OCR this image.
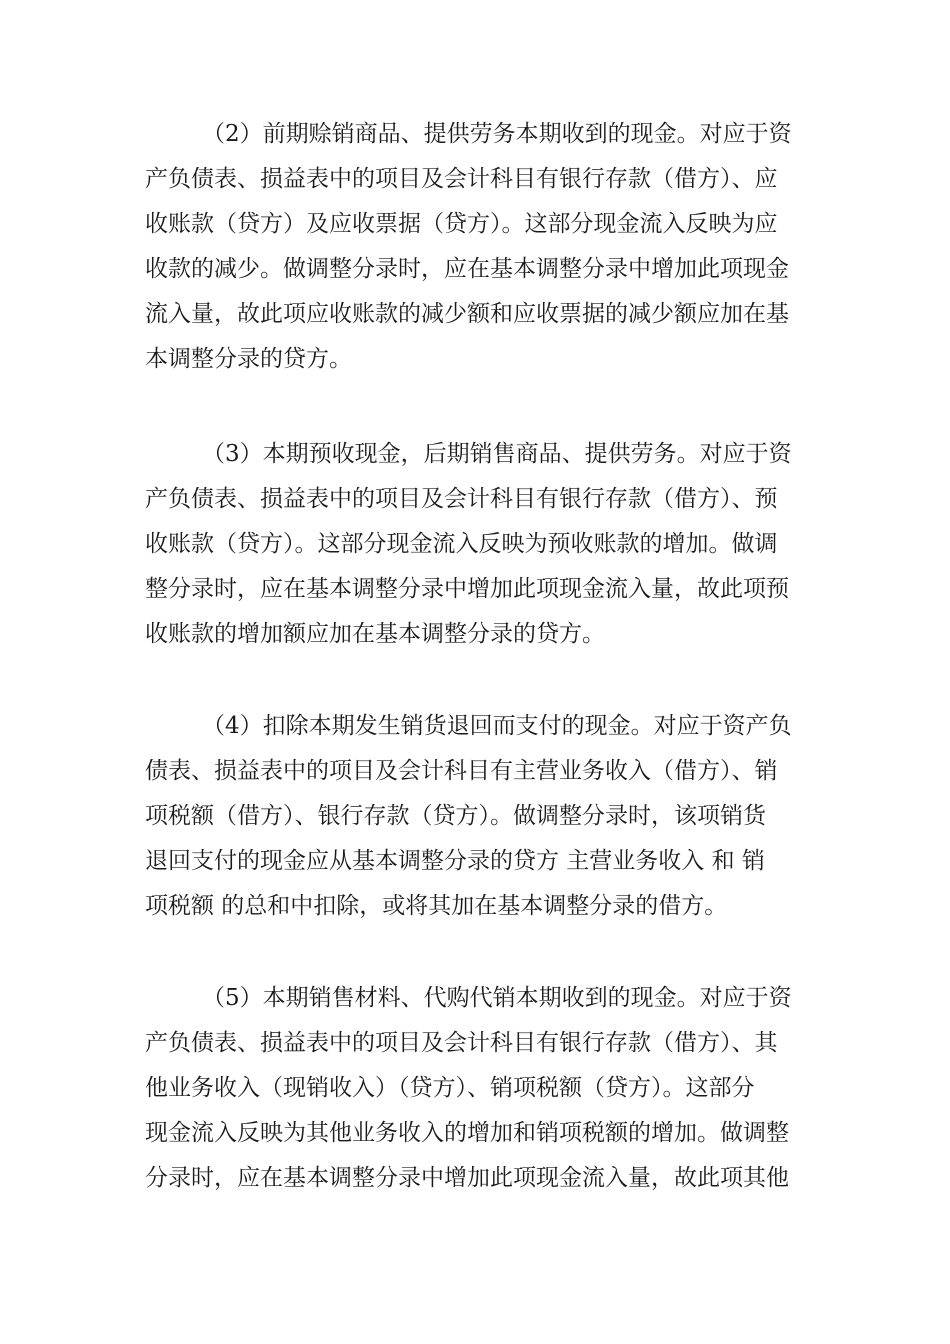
（2）前期赊销商品、提供劳务本期收到的现金。对应于资
产负债表、损益表中的项目及会计科目有银行存款（借方）、应
收账款（贷方）及应收票据（贷方）。这部分现金流入反映为应
收款的减少。做调整分录时，应在基本调整分录中增加此项现金
流入量，故此项应收账款的减少额和应收票据的减少额应加在基
本调整分录的贷方。
（3）本期预收现金，后期销售商品、提供劳务。对应于资
产负债表、损益表中的项目及会计科目有银行存款（借方）、预
收账款（贷方）。这部分现金流入反映为预收账款的增加。做调
整分录时，应在基本调整分录中增加此项现金流入量，故此项预
收账款的增加额应加在基本调整分录的贷方。
（4）扣除本期发生销货退回而支付的现金。对应于资产负
债表、损益表中的项目及会计科目有主营业务收入（借方）、销
项税额（借方）、银行存款（贷方）。做调整分录时，该项销货
退回支付的现金应从基本调整分录的贷方 主营业务收入 和 销
项税额 的总和中扣除，或将其加在基本调整分录的借方。
（5）本期销售材料、代购代销本期收到的现金。对应于资
产负债表、损益表中的项目及会计科目有银行存款（借方）、其
他业务收入（现销收入）（贷方）、销项税额（贷方）。这部分
现金流入反映为其他业务收入的增加和销项税额的增加。做调整
分录时，应在基本调整分录中增加此项现金流入量，故此项其他
